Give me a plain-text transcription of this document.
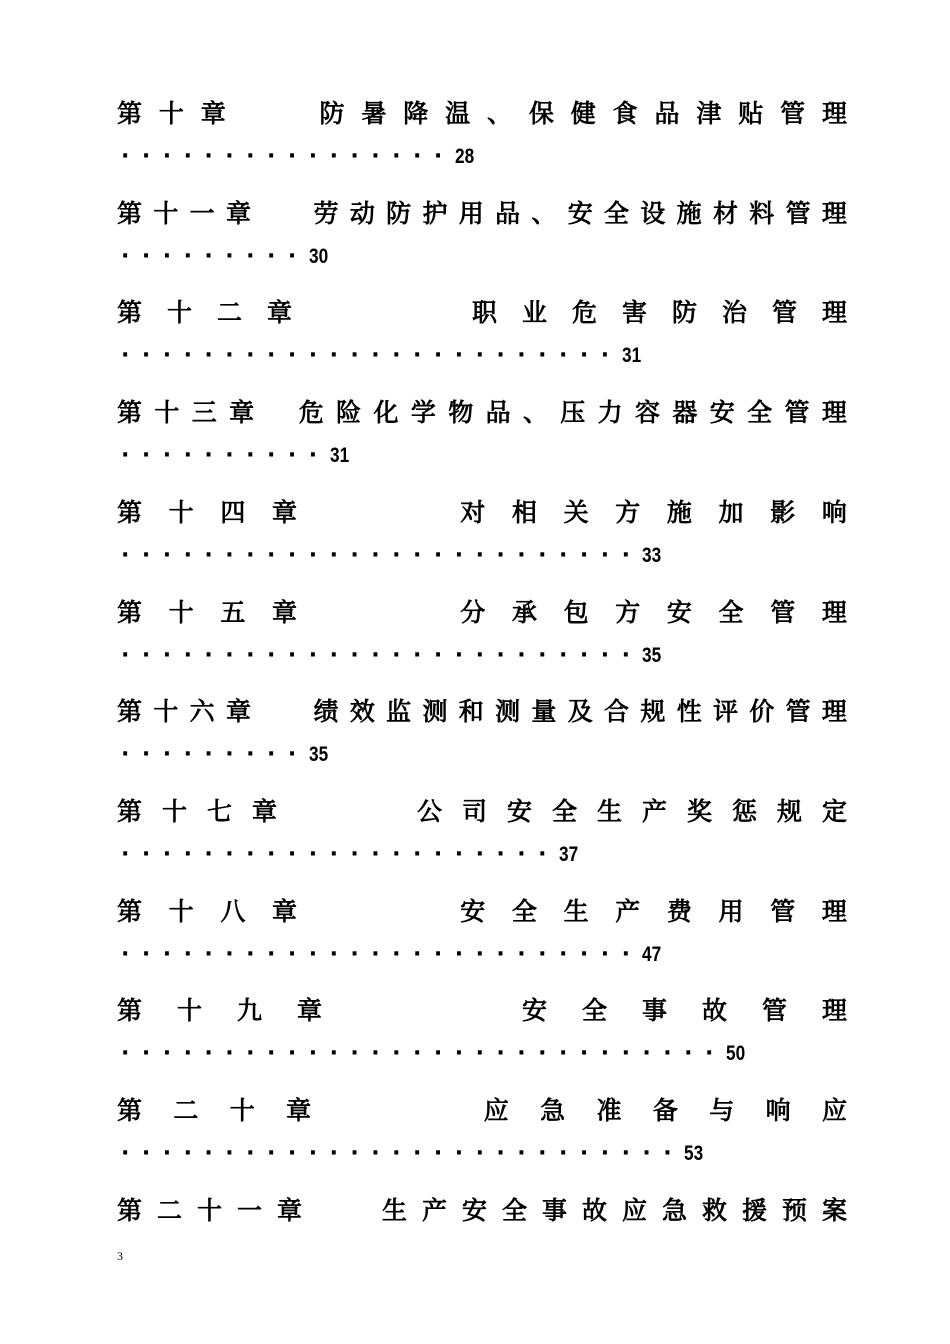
第 十 章	防 暑 降 温 、 保 健 食 品 津 贴 管 理
················ 28
第 十 一 章	劳 动 防 护 用 品 、 安 全 设 施 材 料 管 理
········· 30
第 十 二 章	职 业 危 害 防 治 管 理
························ 31
第 十 三 章 危 险 化 学 物 品 、 压 力 容 器 安 全 管 理
·········· 31
第 十 四 章	对 相 关 方 施 加 影 响
························· 33
第 十 五 章	分 承 包 方 安 全 管 理
························· 35
第 十 六 章	绩 效 监 测 和 测 量 及 合 规 性 评 价 管 理
········· 35
第 十 七 章	公 司 安 全 生 产 奖 惩 规 定
····················· 37
第 十 八 章	安 全 生 产 费 用 管 理
························· 47
第 十 九 章	安 全 事 故 管 理
····························· 50
第 二 十 章	应 急 准 备 与 响 应
··························· 53
第 二 十 一 章	生 产 安 全 事 故 应 急 救 援 预 案
3
